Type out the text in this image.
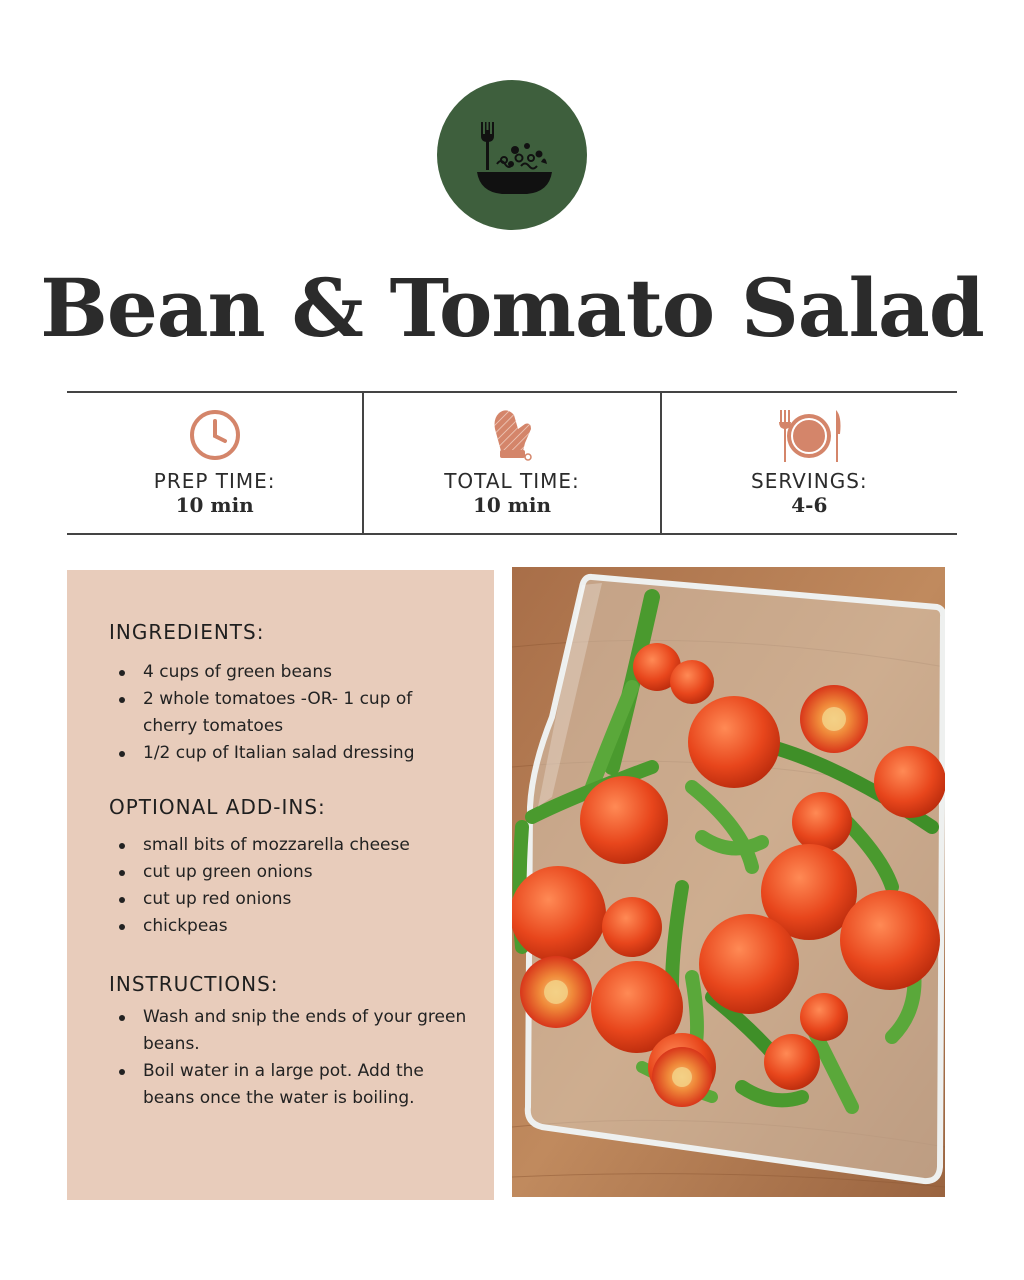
Bean & Tomato Salad
PREP TIME:
10 min
TOTAL TIME:
10 min
SERVINGS:
4-6
INGREDIENTS:
4 cups of green beans
2 whole tomatoes -OR- 1 cup of cherry tomatoes
1/2 cup of Italian salad dressing
OPTIONAL ADD-INS:
small bits of mozzarella cheese
cut up green onions
cut up red onions
chickpeas
INSTRUCTIONS:
Wash and snip the ends of your green beans.
Boil water in a large pot. Add the beans once the water is boiling.
